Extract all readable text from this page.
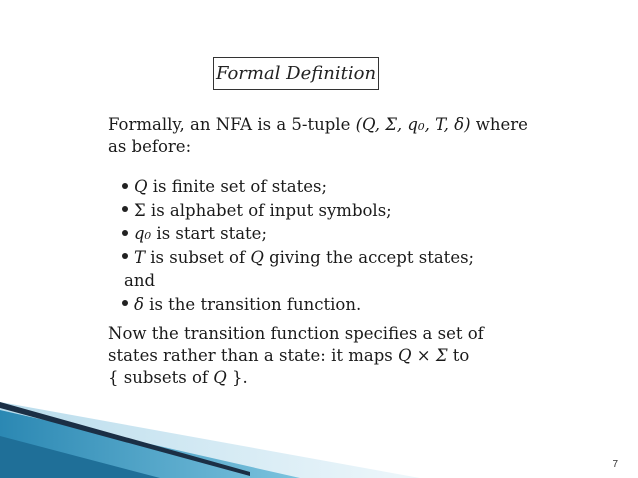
Formal Definition
Formally, an NFA is a 5-tuple (Q, Σ, q₀, T, δ) where
as before:
Q is finite set of states;
Σ is alphabet of input symbols;
q₀ is start state;
T is subset of Q giving the accept states;
and
δ is the transition function.
Now the transition function specifies a set of
states rather than a state: it maps Q × Σ to
{ subsets of Q }.
7
